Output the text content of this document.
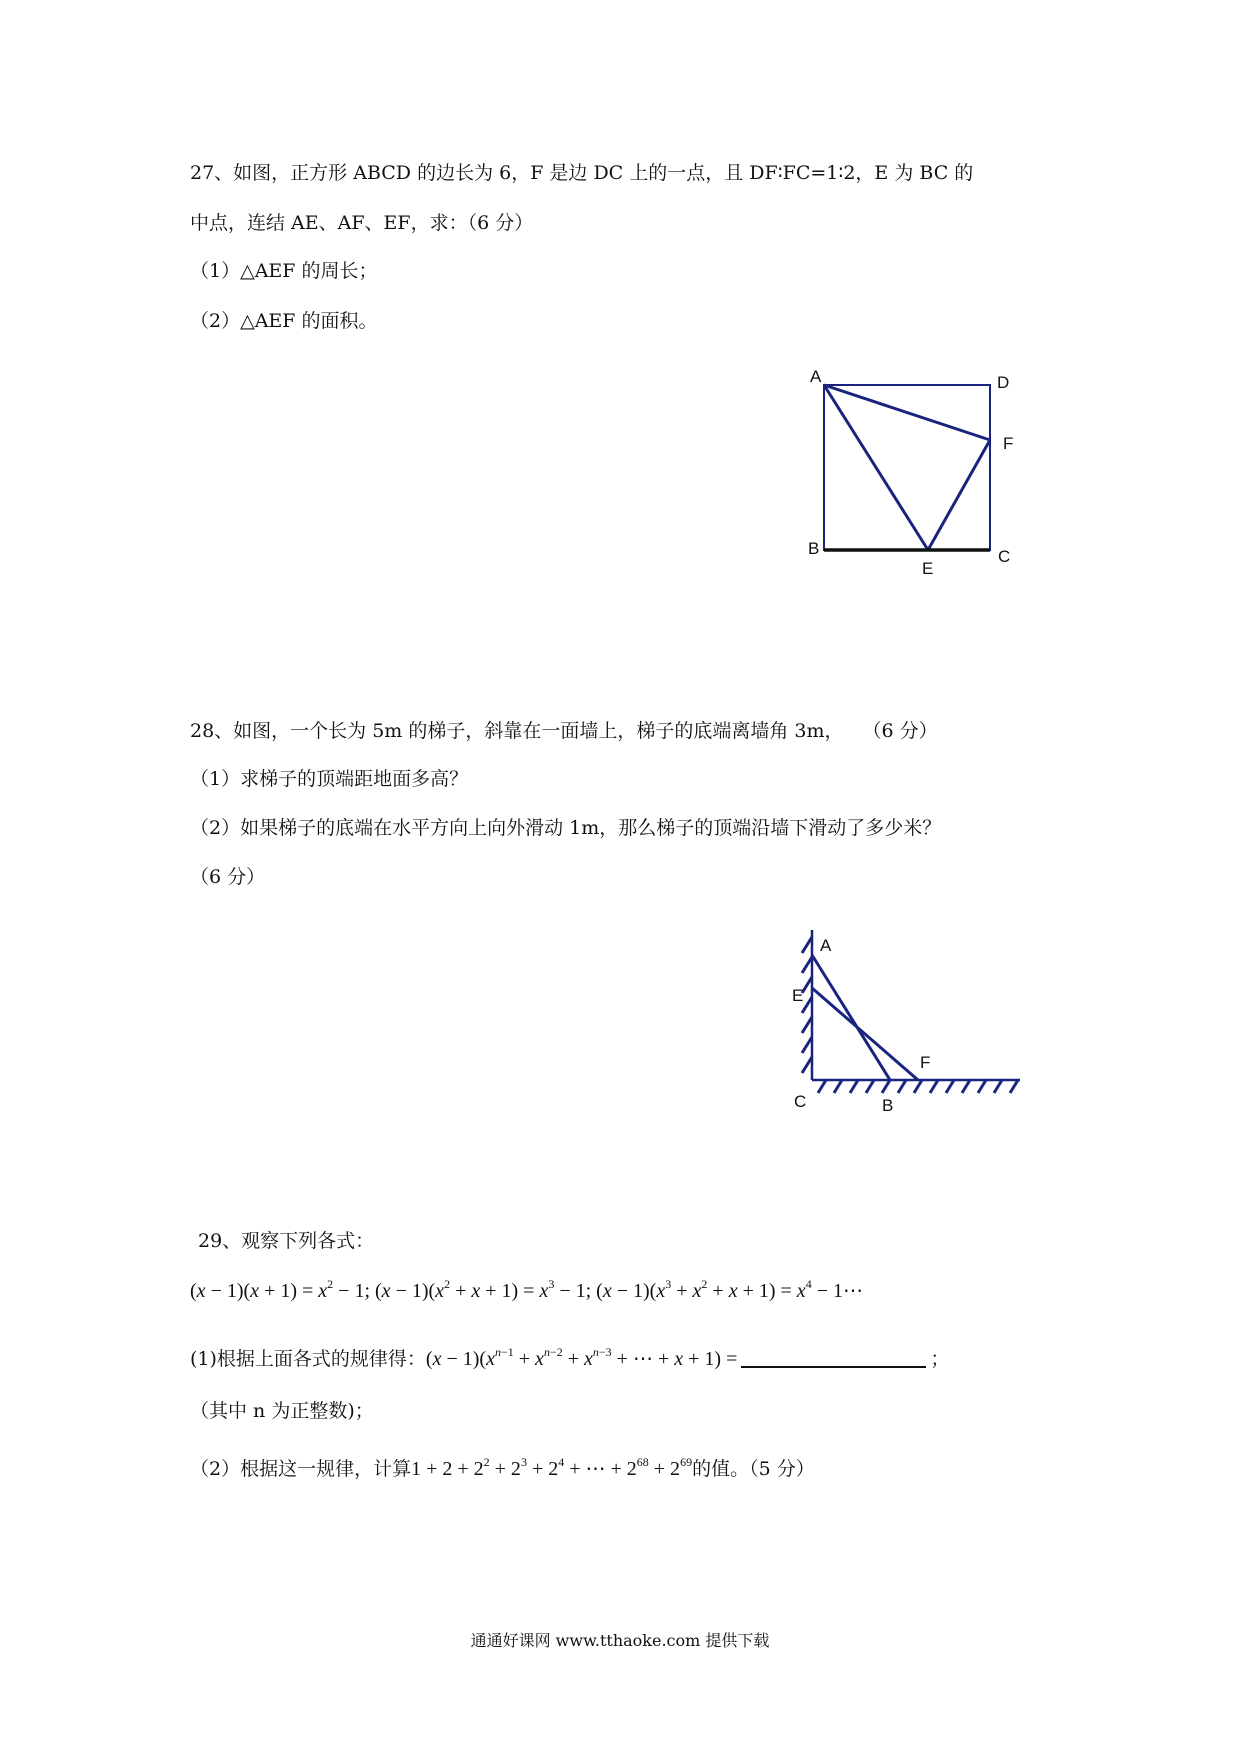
27、如图，正方形 ABCD 的边长为 6，F 是边 DC 上的一点，且 DF∶FC=1∶2，E 为 BC 的
中点，连结 AE、AF、EF，求：（6 分）
（1）△AEF 的周长；
（2）△AEF 的面积。
A	D
F
B	C
E
28、如图，一个长为 5m 的梯子，斜靠在一面墙上，梯子的底端离墙角 3m，　　（6 分）
（1）求梯子的顶端距地面多高？
（2）如果梯子的底端在水平方向上向外滑动 1m，那么梯子的顶端沿墙下滑动了多少米？
（6 分）
A
E
F
C	B
29、观察下列各式：
$(x - 1)(x + 1) = x^2 - 1$; $(x - 1)(x^2 + x + 1) = x^3 - 1$; $(x - 1)(x^3 + x^2 + x + 1) = x^4$ − 1⋯
(1)根据上面各式的规律得：$(x - 1)(x^{n-1} + x^{n-2} + x^{n-3}$ + ⋯ + x + 1) =	；
（其中 n 为正整数)；
（2）根据这一规律，计算$1 + 2 + 2^2 + 2^3 + 2^4$ + ⋯ + $2^{68} + 2^{69}$的值。（5 分）
通通好课网 www.tthaoke.com 提供下载
